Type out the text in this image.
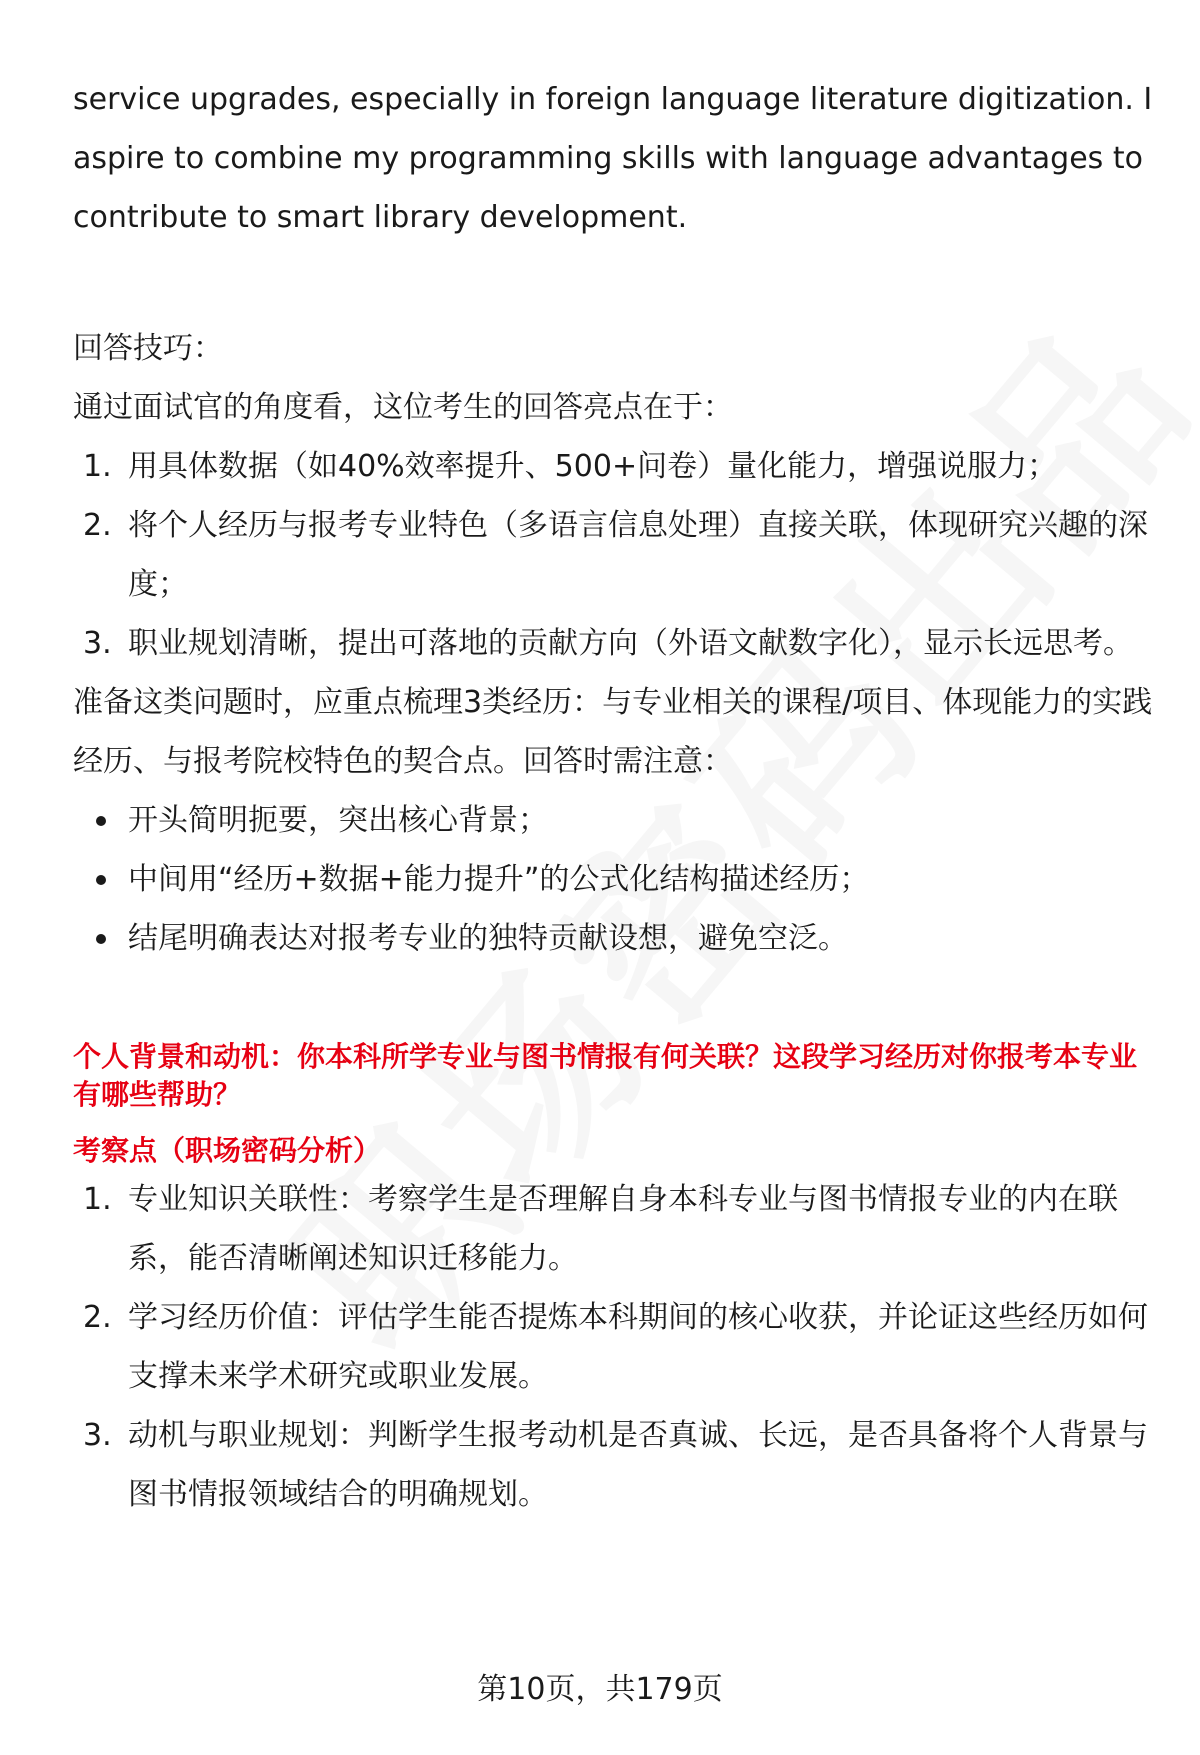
service upgrades, especially in foreign language literature digitization. I aspire to combine my programming skills with language advantages to contribute to smart library development.

回答技巧：

通过面试官的角度看，这位考生的回答亮点在于：

1. 用具体数据（如40%效率提升、500+问卷）量化能力，增强说服力；
2. 将个人经历与报考专业特色（多语言信息处理）直接关联，体现研究兴趣的深度；
3. 职业规划清晰，提出可落地的贡献方向（外语文献数字化），显示长远思考。

准备这类问题时，应重点梳理3类经历：与专业相关的课程/项目、体现能力的实践经历、与报考院校特色的契合点。回答时需注意：

开头简明扼要，突出核心背景；
中间用“经历+数据+能力提升”的公式化结构描述经历；
结尾明确表达对报考专业的独特贡献设想，避免空泛。

个人背景和动机：你本科所学专业与图书情报有何关联？这段学习经历对你报考本专业有哪些帮助？

考察点（职场密码分析）

1. 专业知识关联性：考察学生是否理解自身本科专业与图书情报专业的内在联系，能否清晰阐述知识迁移能力。
2. 学习经历价值：评估学生能否提炼本科期间的核心收获，并论证这些经历如何支撑未来学术研究或职业发展。
3. 动机与职业规划：判断学生报考动机是否真诚、长远，是否具备将个人背景与图书情报领域结合的明确规划。
第10页，共179页
